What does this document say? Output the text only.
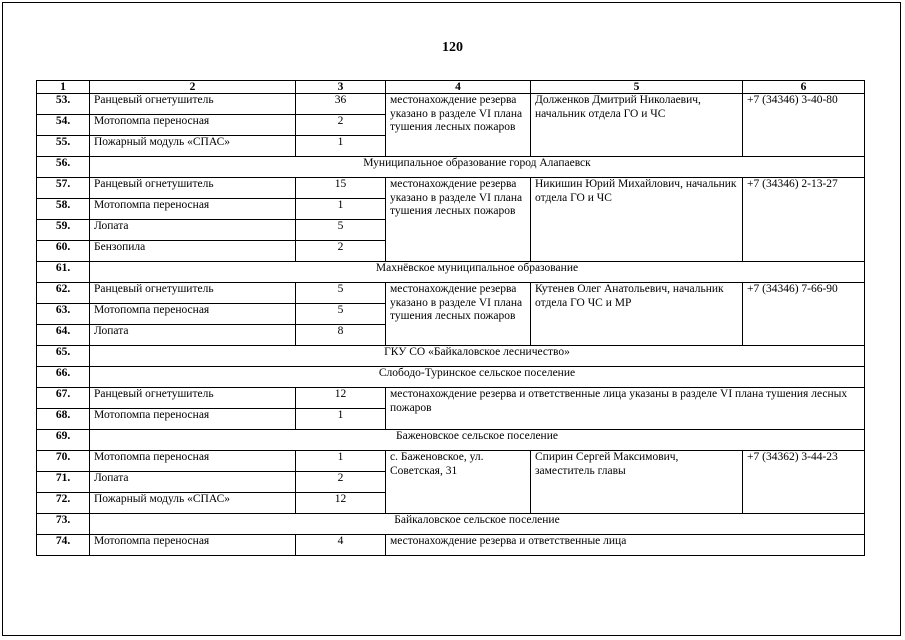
120
1	2	3	4	5	6
53.	Ранцевый огнетушитель	36	местонахождение резерва указано в разделе VI плана тушения лесных пожаров	Долженков Дмитрий Николаевич, начальник отдела ГО и ЧС	+7 (34346) 3-40-80
54.	Мотопомпа переносная	2			
55.	Пожарный модуль «СПАС»	1			
56.	Муниципальное образование город Алапаевск				
57.	Ранцевый огнетушитель	15	местонахождение резерва указано в разделе VI плана тушения лесных пожаров	Никишин Юрий Михайлович, начальник отдела ГО и ЧС	+7 (34346) 2-13-27
58.	Мотопомпа переносная	1			
59.	Лопата	5			
60.	Бензопила	2			
61.	Махнёвское муниципальное образование				
62.	Ранцевый огнетушитель	5	местонахождение резерва указано в разделе VI плана тушения лесных пожаров	Кутенев Олег Анатольевич, начальник отдела ГО ЧС и МР	+7 (34346) 7-66-90
63.	Мотопомпа переносная	5			
64.	Лопата	8			
65.	ГКУ СО «Байкаловское лесничество»				
66.	Слободо-Туринское сельское поселение				
67.	Ранцевый огнетушитель	12	местонахождение резерва и ответственные лица указаны в разделе VI плана тушения лесных пожаров		
68.	Мотопомпа переносная	1			
69.	Баженовское сельское поселение				
70.	Мотопомпа переносная	1	с. Баженовское, ул. Советская, 31	Спирин Сергей Максимович, заместитель главы	+7 (34362) 3-44-23
71.	Лопата	2			
72.	Пожарный модуль «СПАС»	12			
73.	Байкаловское сельское поселение				
74.	Мотопомпа переносная	4	местонахождение резерва и ответственные лица		
